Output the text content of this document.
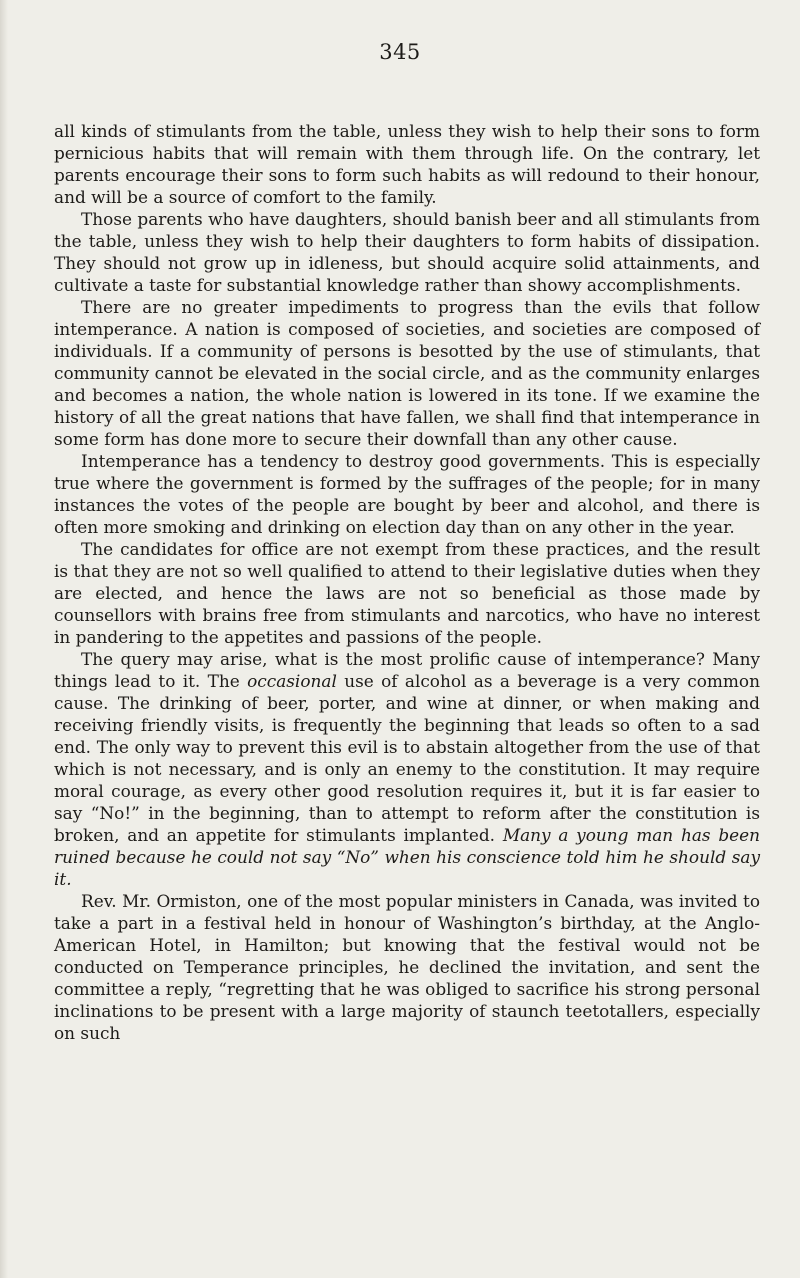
345

all kinds of stimulants from the table, unless they wish to help their sons to form pernicious habits that will remain with them through life. On the contrary, let parents encourage their sons to form such habits as will redound to their honour, and will be a source of comfort to the family.

Those parents who have daughters, should banish beer and all stimulants from the table, unless they wish to help their daughters to form habits of dissipation. They should not grow up in idleness, but should acquire solid attainments, and cultivate a taste for substantial knowledge rather than showy accomplishments.

There are no greater impediments to progress than the evils that follow intemperance. A nation is composed of societies, and societies are composed of individuals. If a community of persons is besotted by the use of stimulants, that community cannot be elevated in the social circle, and as the community enlarges and becomes a nation, the whole nation is lowered in its tone. If we examine the history of all the great nations that have fallen, we shall find that intemperance in some form has done more to secure their downfall than any other cause.

Intemperance has a tendency to destroy good governments. This is especially true where the government is formed by the suffrages of the people; for in many instances the votes of the people are bought by beer and alcohol, and there is often more smoking and drinking on election day than on any other in the year.

The candidates for office are not exempt from these practices, and the result is that they are not so well qualified to attend to their legislative duties when they are elected, and hence the laws are not so beneficial as those made by counsellors with brains free from stimulants and narcotics, who have no interest in pandering to the appetites and passions of the people.

The query may arise, what is the most prolific cause of intemperance? Many things lead to it. The occasional use of alcohol as a beverage is a very common cause. The drinking of beer, porter, and wine at dinner, or when making and receiving friendly visits, is frequently the beginning that leads so often to a sad end. The only way to prevent this evil is to abstain altogether from the use of that which is not necessary, and is only an enemy to the constitution. It may require moral courage, as every other good resolution requires it, but it is far easier to say “No!” in the beginning, than to attempt to reform after the constitution is broken, and an appetite for stimulants implanted. Many a young man has been ruined because he could not say “No” when his conscience told him he should say it.

Rev. Mr. Ormiston, one of the most popular ministers in Canada, was invited to take a part in a festival held in honour of Washington’s birthday, at the Anglo-American Hotel, in Hamilton; but knowing that the festival would not be conducted on Temperance principles, he declined the invitation, and sent the committee a reply, “regretting that he was obliged to sacrifice his strong personal inclinations to be present with a large majority of staunch teetotallers, especially on such
